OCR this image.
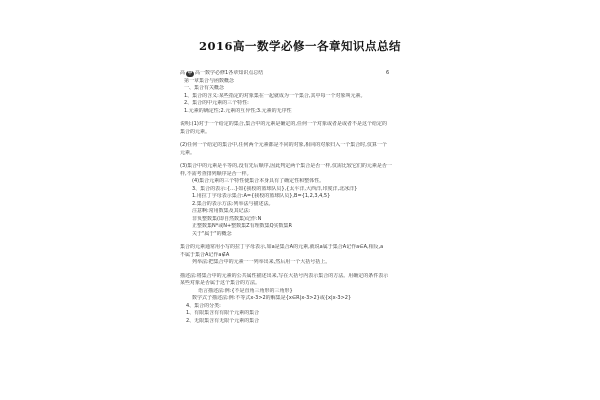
2016高一数学必修一各章知识点总结
高 中 高一数学必修1各章知识点总结	6
第一章集合与函数概念
一、集合有关概念
1、集合的含义:某些指定的对象集在一起就成为一个集合,其中每一个对象叫元素。
2、集合的中元素的三个特性:
1.元素的确定性;2.元素的互异性;3.元素的无序性
说明:(1)对于一个给定的集合,集合中的元素是确定的,任何一个对象或者是或者不是这个给定的
集合的元素。
(2)任何一个给定的集合中,任何两个元素都是不同的对象,相同的对象归入一个集合时,仅算一个
元素。
(3)集合中的元素是平等的,没有先后顺序,因此判定两个集合是否一样,仅需比较它们的元素是否一
样,不需考查排列顺序是否一样。
(4)集合元素的三个特性使集合本身具有了确定性和整体性。
3、集合的表示:{…}如{我校的篮球队员},{太平洋,大西洋,印度洋,北冰洋}
1.用拉丁字母表示集合:A={我校的篮球队员},B={1,2,3,4,5}
2.集合的表示方法:列举法与描述法。
注意啊:常用数集及其记法:
非负整数集(即自然数集)记作:N
正整数集N*或N+整数集Z有理数集Q实数集R
关于"属于"的概念
集合的元素通常用小写的拉丁字母表示,如a是集合A的元素,就说a属于集合A记作a∈A,相反,a
不属于集合A记作a∉A
列举法:把集合中的元素一一列举出来,然后用一个大括号括上。
描述法:将集合中的元素的公共属性描述出来,写在大括号内表示集合的方法。用确定的条件表示
某些对象是否属于这个集合的方法。
语言描述法:例:{不是直角三角形的三角形}
数学式子描述法:例:不等式x-3>2的解集是{x∈R|x-3>2}或{x|x-3>2}
4、集合的分类:
1、有限集含有有限个元素的集合
2、无限集含有无限个元素的集合
